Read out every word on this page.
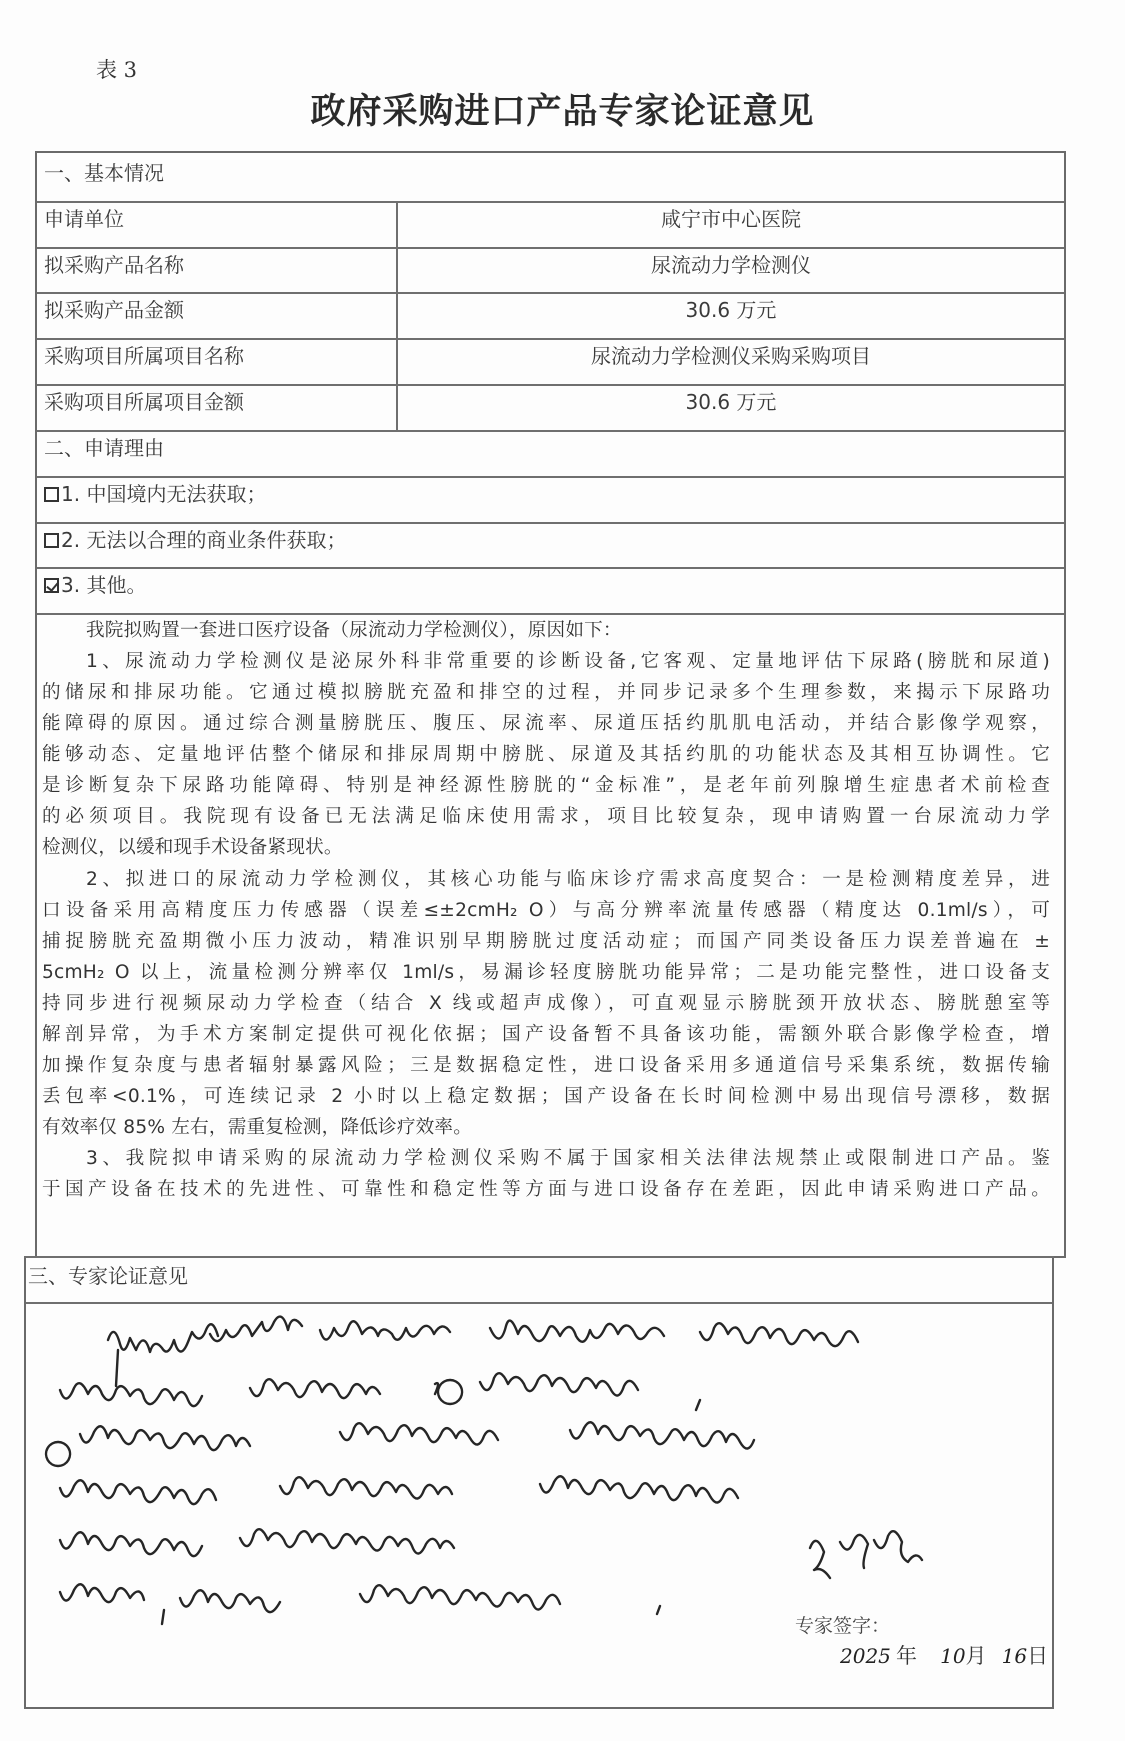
表 3
政府采购进口产品专家论证意见
一、基本情况
申请单位	咸宁市中心医院
拟采购产品名称	尿流动力学检测仪
拟采购产品金额	30.6 万元
采购项目所属项目名称	尿流动力学检测仪采购采购项目
采购项目所属项目金额	30.6 万元
二、申请理由
1. 中国境内无法获取；
2. 无法以合理的商业条件获取；
3. 其他。
我院拟购置一套进口医疗设备（尿流动力学检测仪），原因如下：
1、尿流动力学检测仪是泌尿外科非常重要的诊断设备,它客观、定量地评估下尿路(膀胱和尿道)
的储尿和排尿功能。它通过模拟膀胱充盈和排空的过程，并同步记录多个生理参数，来揭示下尿路功
能障碍的原因。通过综合测量膀胱压、腹压、尿流率、尿道压括约肌肌电活动，并结合影像学观察，
能够动态、定量地评估整个储尿和排尿周期中膀胱、尿道及其括约肌的功能状态及其相互协调性。它
是诊断复杂下尿路功能障碍、特别是神经源性膀胱的“金标准”，是老年前列腺增生症患者术前检查
的必须项目。我院现有设备已无法满足临床使用需求，项目比较复杂，现申请购置一台尿流动力学
检测仪，以缓和现手术设备紧现状。
2、拟进口的尿流动力学检测仪，其核心功能与临床诊疗需求高度契合：一是检测精度差异，进
口设备采用高精度压力传感器（误差≤±2cmH₂ O）与高分辨率流量传感器（精度达 0.1ml/s），可
捕捉膀胱充盈期微小压力波动，精准识别早期膀胱过度活动症；而国产同类设备压力误差普遍在 ±
5cmH₂ O 以上，流量检测分辨率仅 1ml/s，易漏诊轻度膀胱功能异常；二是功能完整性，进口设备支
持同步进行视频尿动力学检查（结合 X 线或超声成像），可直观显示膀胱颈开放状态、膀胱憩室等
解剖异常，为手术方案制定提供可视化依据；国产设备暂不具备该功能，需额外联合影像学检查，增
加操作复杂度与患者辐射暴露风险；三是数据稳定性，进口设备采用多通道信号采集系统，数据传输
丢包率<0.1%，可连续记录 2 小时以上稳定数据；国产设备在长时间检测中易出现信号漂移，数据
有效率仅 85% 左右，需重复检测，降低诊疗效率。
3、我院拟申请采购的尿流动力学检测仪采购不属于国家相关法律法规禁止或限制进口产品。鉴
于国产设备在技术的先进性、可靠性和稳定性等方面与进口设备存在差距，因此申请采购进口产品。
三、专家论证意见
专家签字：
2025 年 10月 16日
